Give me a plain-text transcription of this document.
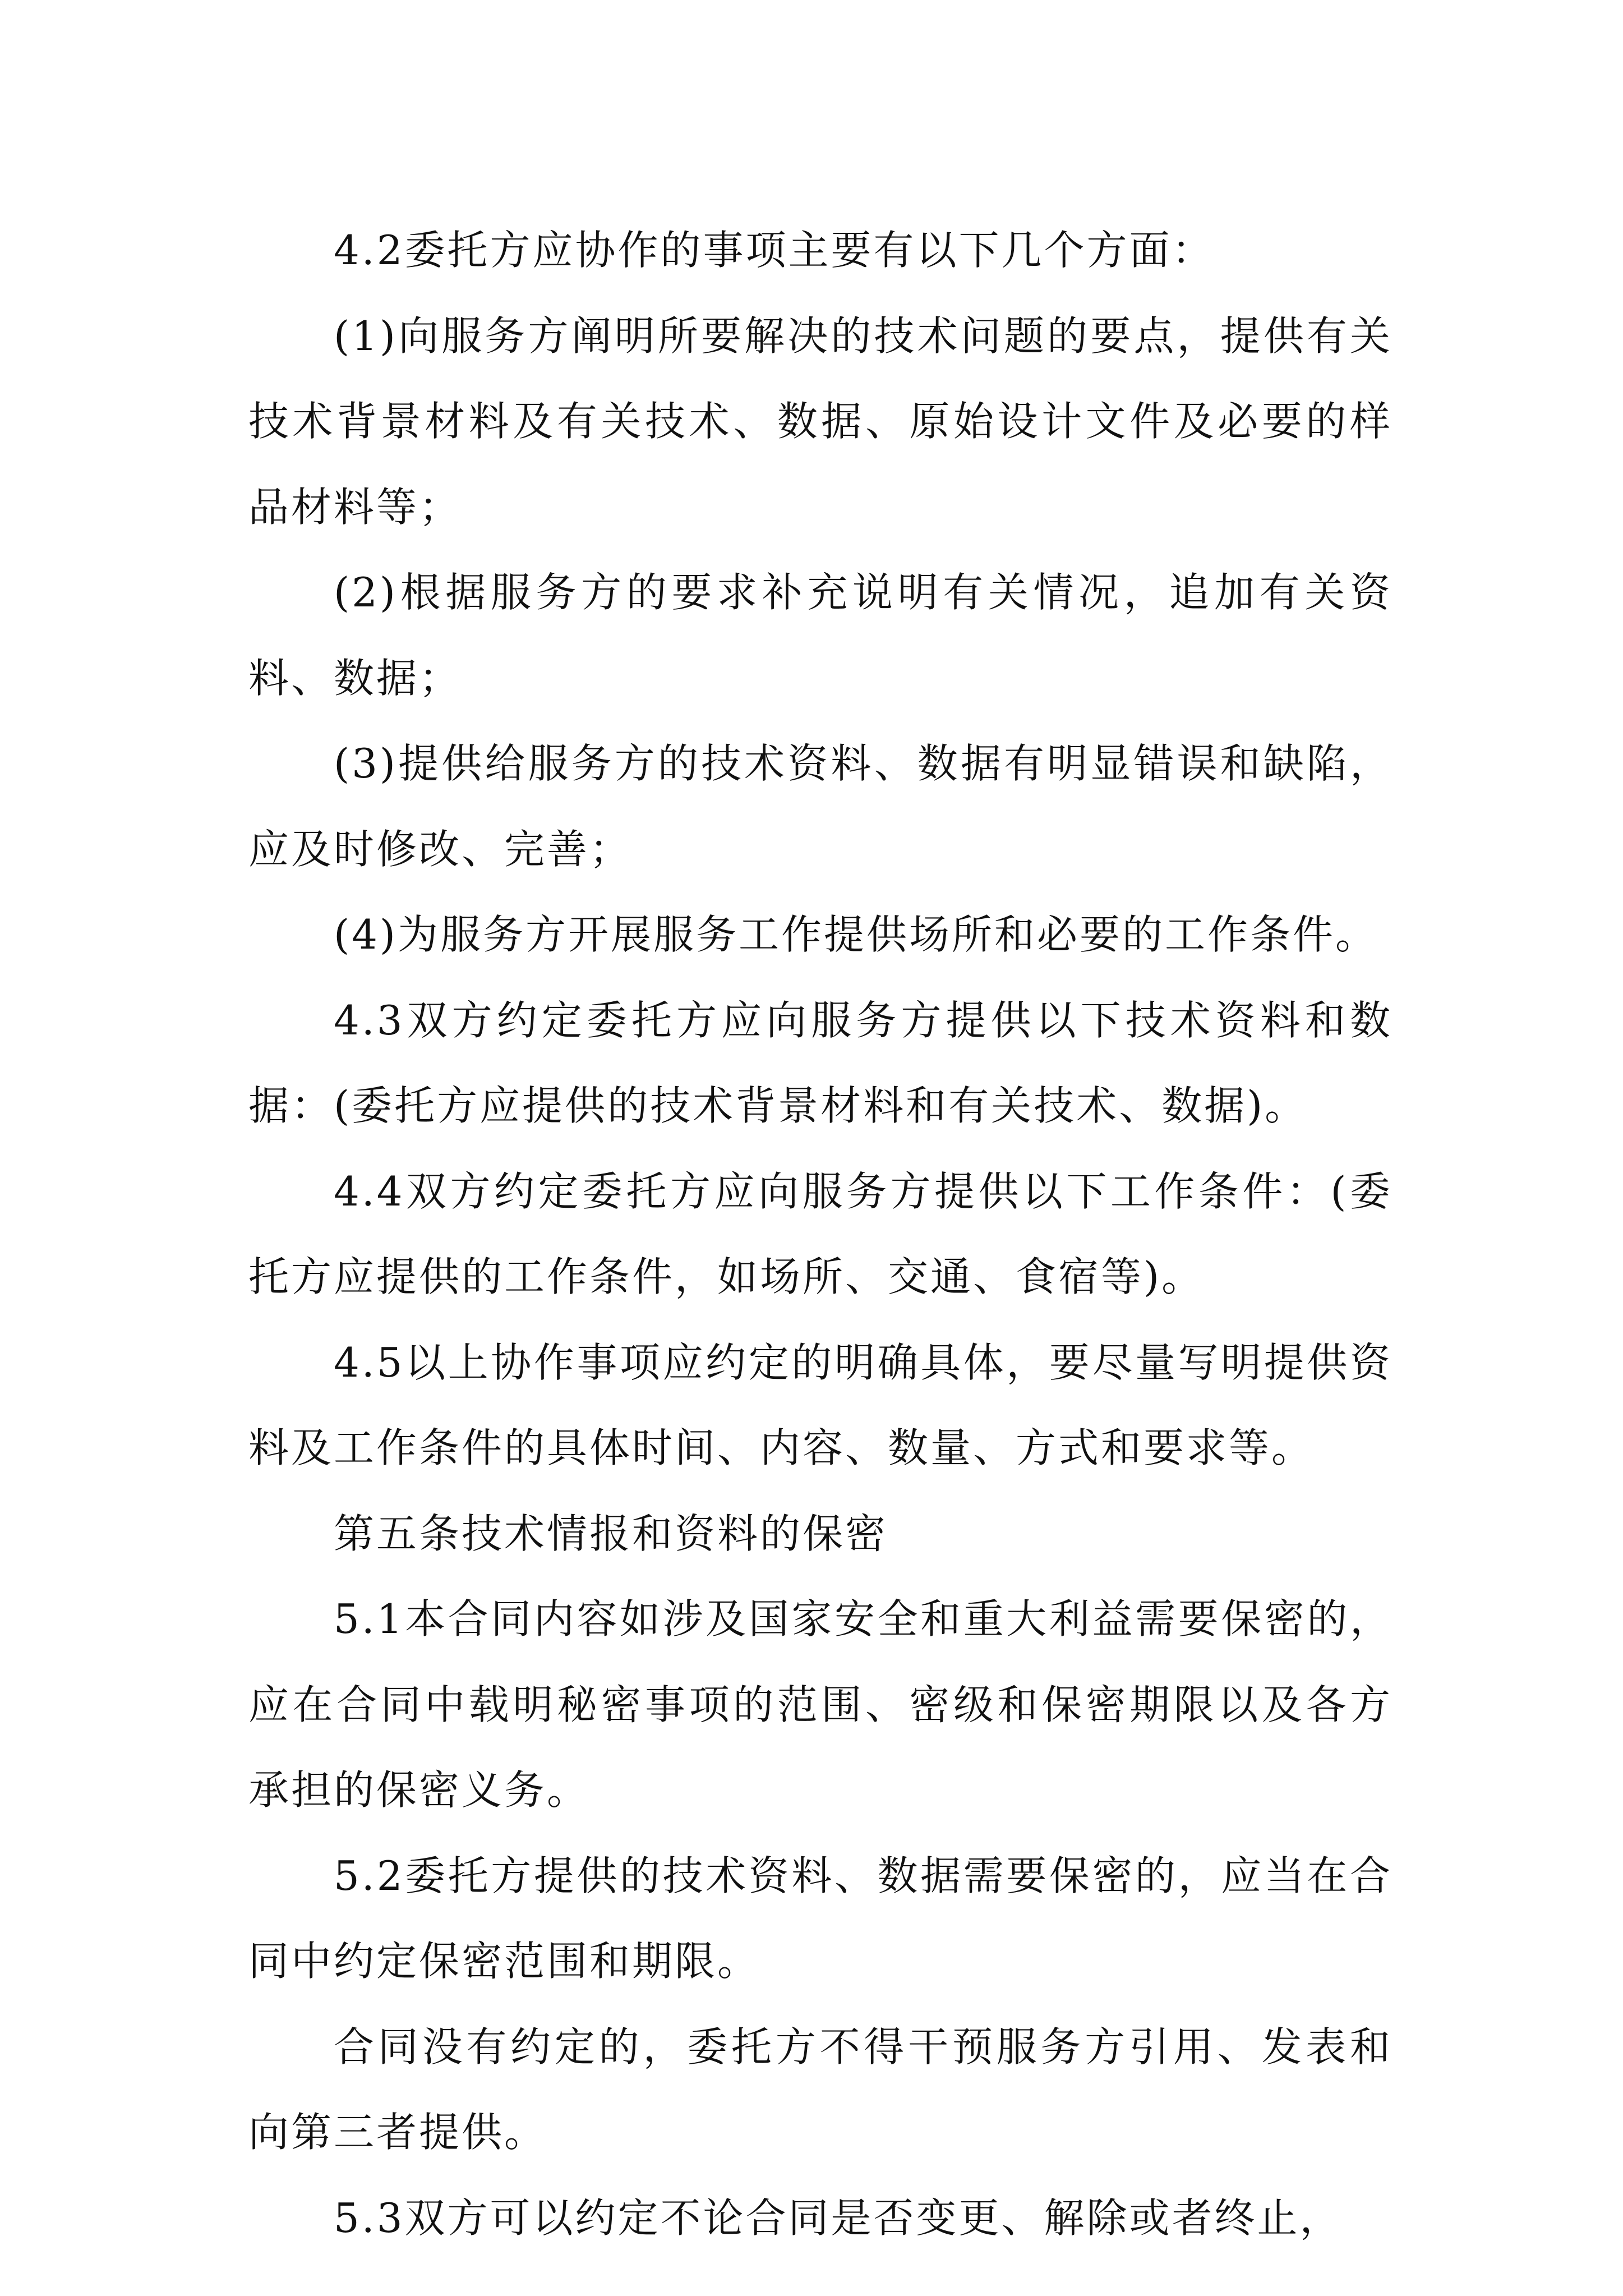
4.2委托方应协作的事项主要有以下几个方面：

(1)向服务方阐明所要解决的技术问题的要点，提供有关技术背景材料及有关技术、数据、原始设计文件及必要的样品材料等；

(2)根据服务方的要求补充说明有关情况，追加有关资料、数据；

(3)提供给服务方的技术资料、数据有明显错误和缺陷，应及时修改、完善；

(4)为服务方开展服务工作提供场所和必要的工作条件。

4.3双方约定委托方应向服务方提供以下技术资料和数据：(委托方应提供的技术背景材料和有关技术、数据)。

4.4双方约定委托方应向服务方提供以下工作条件：(委托方应提供的工作条件，如场所、交通、食宿等)。

4.5以上协作事项应约定的明确具体，要尽量写明提供资料及工作条件的具体时间、内容、数量、方式和要求等。

第五条技术情报和资料的保密

5.1本合同内容如涉及国家安全和重大利益需要保密的，应在合同中载明秘密事项的范围、密级和保密期限以及各方承担的保密义务。

5.2委托方提供的技术资料、数据需要保密的，应当在合同中约定保密范围和期限。

合同没有约定的，委托方不得干预服务方引用、发表和向第三者提供。

5.3双方可以约定不论合同是否变更、解除或者终止，
